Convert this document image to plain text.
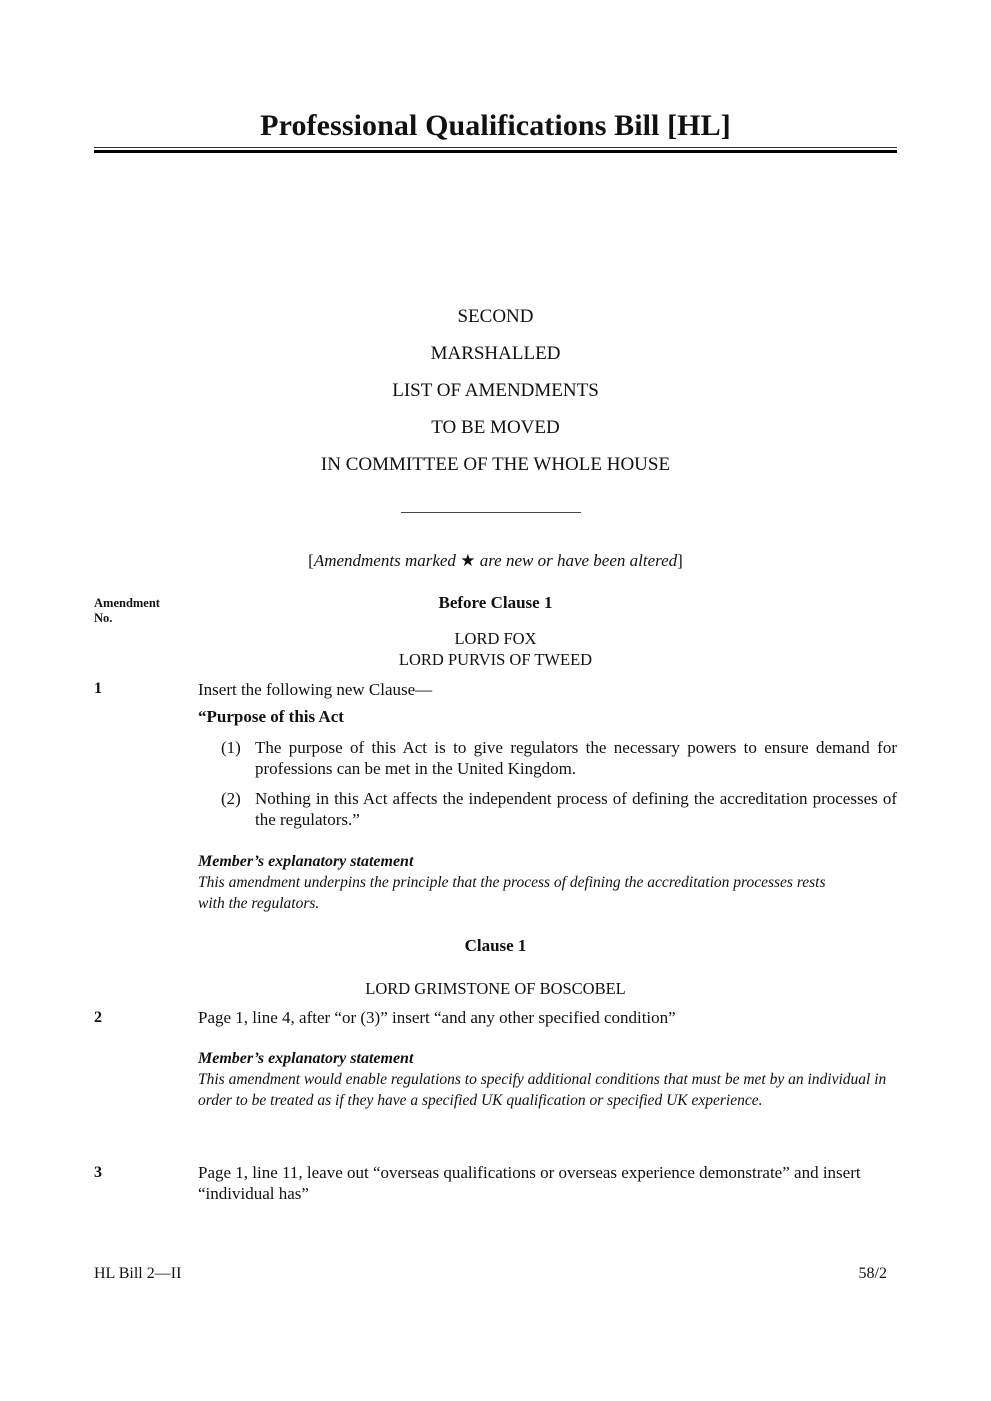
Professional Qualifications Bill [HL]
SECOND
MARSHALLED
LIST OF AMENDMENTS
TO BE MOVED
IN COMMITTEE OF THE WHOLE HOUSE
[Amendments marked ★ are new or have been altered]
Amendment
No.
Before Clause 1
LORD FOX
LORD PURVIS OF TWEED
1	Insert the following new Clause—
“Purpose of this Act
(1) The purpose of this Act is to give regulators the necessary powers to ensure demand for professions can be met in the United Kingdom.
(2) Nothing in this Act affects the independent process of defining the accreditation processes of the regulators.”
Member’s explanatory statement
This amendment underpins the principle that the process of defining the accreditation processes rests with the regulators.
Clause 1
LORD GRIMSTONE OF BOSCOBEL
2	Page 1, line 4, after “or (3)” insert “and any other specified condition”
Member’s explanatory statement
This amendment would enable regulations to specify additional conditions that must be met by an individual in order to be treated as if they have a specified UK qualification or specified UK experience.
3	Page 1, line 11, leave out “overseas qualifications or overseas experience demonstrate” and insert “individual has”
HL Bill 2—II	58/2
